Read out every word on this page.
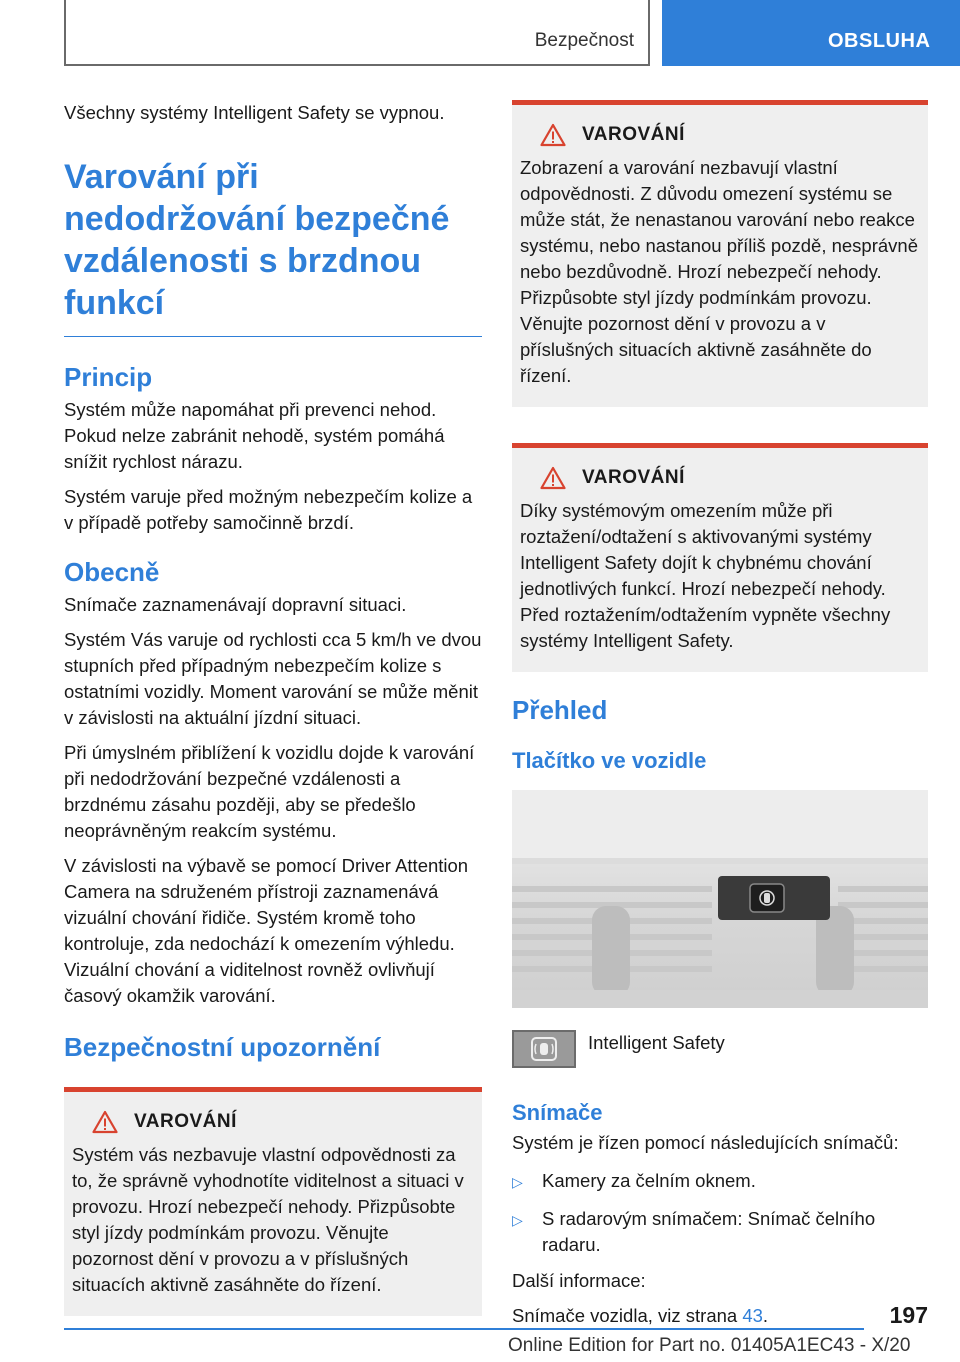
Bezpečnost	OBSLUHA

Všechny systémy Intelligent Safety se vypnou.

Varování při nedodržování bezpečné vzdálenosti s brzdnou funkcí
Princip

Systém může napomáhat při prevenci nehod. Pokud nelze zabránit nehodě, systém pomáhá snížit rychlost nárazu.

Systém varuje před možným nebezpečím kolize a v případě potřeby samočinně brzdí.

Obecně

Snímače zaznamenávají dopravní situaci.

Systém Vás varuje od rychlosti cca 5 km/h ve dvou stupních před případným nebezpečím kolize s ostatními vozidly. Moment varování se může měnit v závislosti na aktuální jízdní situaci.

Při úmyslném přiblížení k vozidlu dojde k varování při nedodržování bezpečné vzdálenosti a brzdnému zásahu později, aby se předešlo neoprávněným reakcím systému.

V závislosti na výbavě se pomocí Driver Attention Camera na sdruženém přístroji zaznamenává vizuální chování řidiče. Systém kromě toho kontroluje, zda nedochází k omezením výhledu. Vizuální chování a viditelnost rovněž ovlivňují časový okamžik varování.

Bezpečnostní upozornění
VAROVÁNÍ

Systém vás nezbavuje vlastní odpovědnosti za to, že správně vyhodnotíte viditelnost a situaci v provozu. Hrozí nebezpečí nehody. Přizpůsobte styl jízdy podmínkám provozu. Věnujte pozornost dění v provozu a v příslušných situacích aktivně zasáhněte do řízení.

VAROVÁNÍ

Zobrazení a varování nezbavují vlastní odpovědnosti. Z důvodu omezení systému se může stát, že nenastanou varování nebo reakce systému, nebo nastanou příliš pozdě, nesprávně nebo bezdůvodně. Hrozí nebezpečí nehody. Přizpůsobte styl jízdy podmínkám provozu. Věnujte pozornost dění v provozu a v příslušných situacích aktivně zasáhněte do řízení.

VAROVÁNÍ

Díky systémovým omezením může při roztažení/odtažení s aktivovanými systémy Intelligent Safety dojít k chybnému chování jednotlivých funkcí. Hrozí nebezpečí nehody. Před roztažením/odtažením vypněte všechny systémy Intelligent Safety.

Přehled
Tlačítko ve vozidle
Intelligent Safety
Snímače

Systém je řízen pomocí následujících snímačů:

▷	Kamery za čelním oknem.
▷	S radarovým snímačem: Snímač čelního radaru.

Další informace:

Snímače vozidla, viz strana 43.	197
Online Edition for Part no. 01405A1EC43 - X/20
